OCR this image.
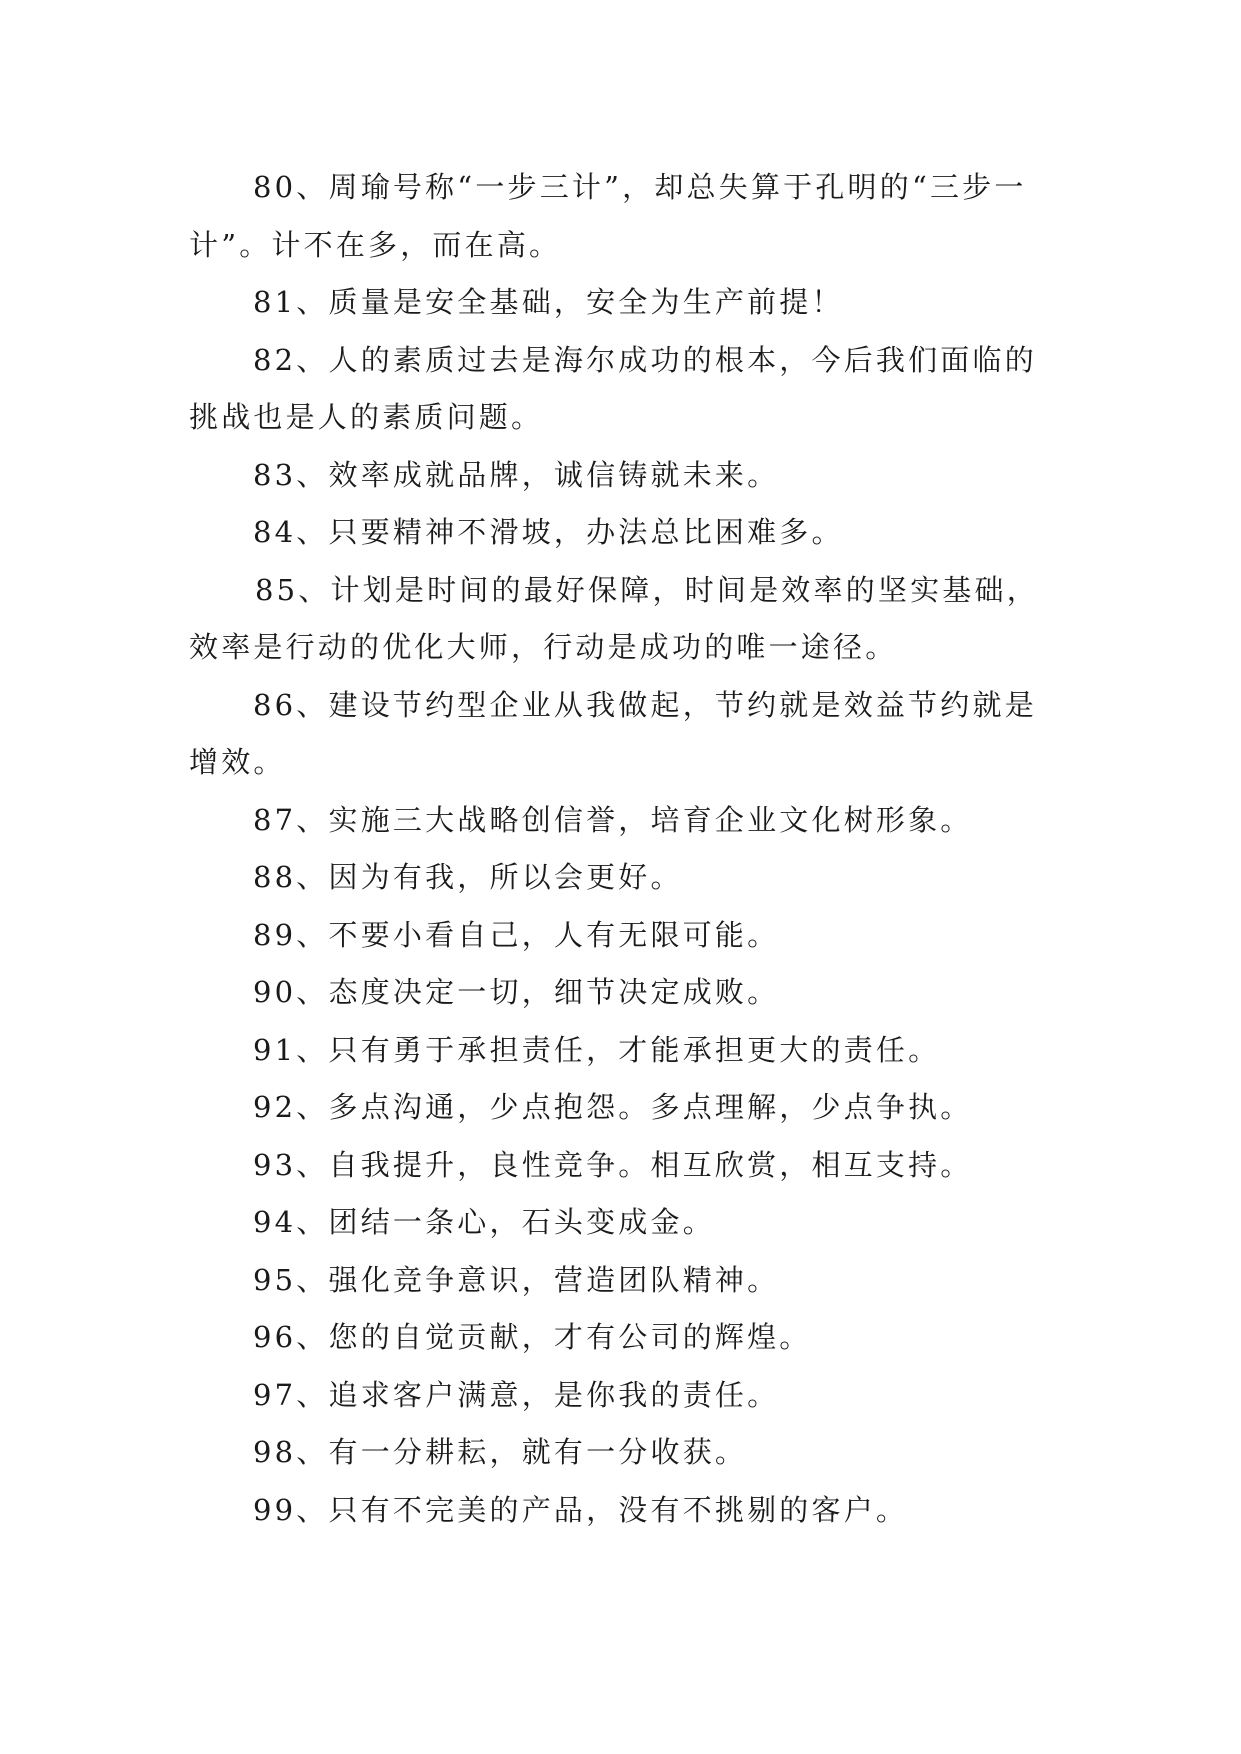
80、周瑜号称“一步三计”，却总失算于孔明的“三步一计”。计不在多，而在高。

81、质量是安全基础，安全为生产前提！

82、人的素质过去是海尔成功的根本，今后我们面临的挑战也是人的素质问题。

83、效率成就品牌，诚信铸就未来。

84、只要精神不滑坡，办法总比困难多。

85、计划是时间的最好保障，时间是效率的坚实基础，效率是行动的优化大师，行动是成功的唯一途径。

86、建设节约型企业从我做起，节约就是效益节约就是增效。

87、实施三大战略创信誉，培育企业文化树形象。

88、因为有我，所以会更好。

89、不要小看自己，人有无限可能。

90、态度决定一切，细节决定成败。

91、只有勇于承担责任，才能承担更大的责任。

92、多点沟通，少点抱怨。多点理解，少点争执。

93、自我提升，良性竞争。相互欣赏，相互支持。

94、团结一条心，石头变成金。

95、强化竞争意识，营造团队精神。

96、您的自觉贡献，才有公司的辉煌。

97、追求客户满意，是你我的责任。

98、有一分耕耘，就有一分收获。

99、只有不完美的产品，没有不挑剔的客户。
